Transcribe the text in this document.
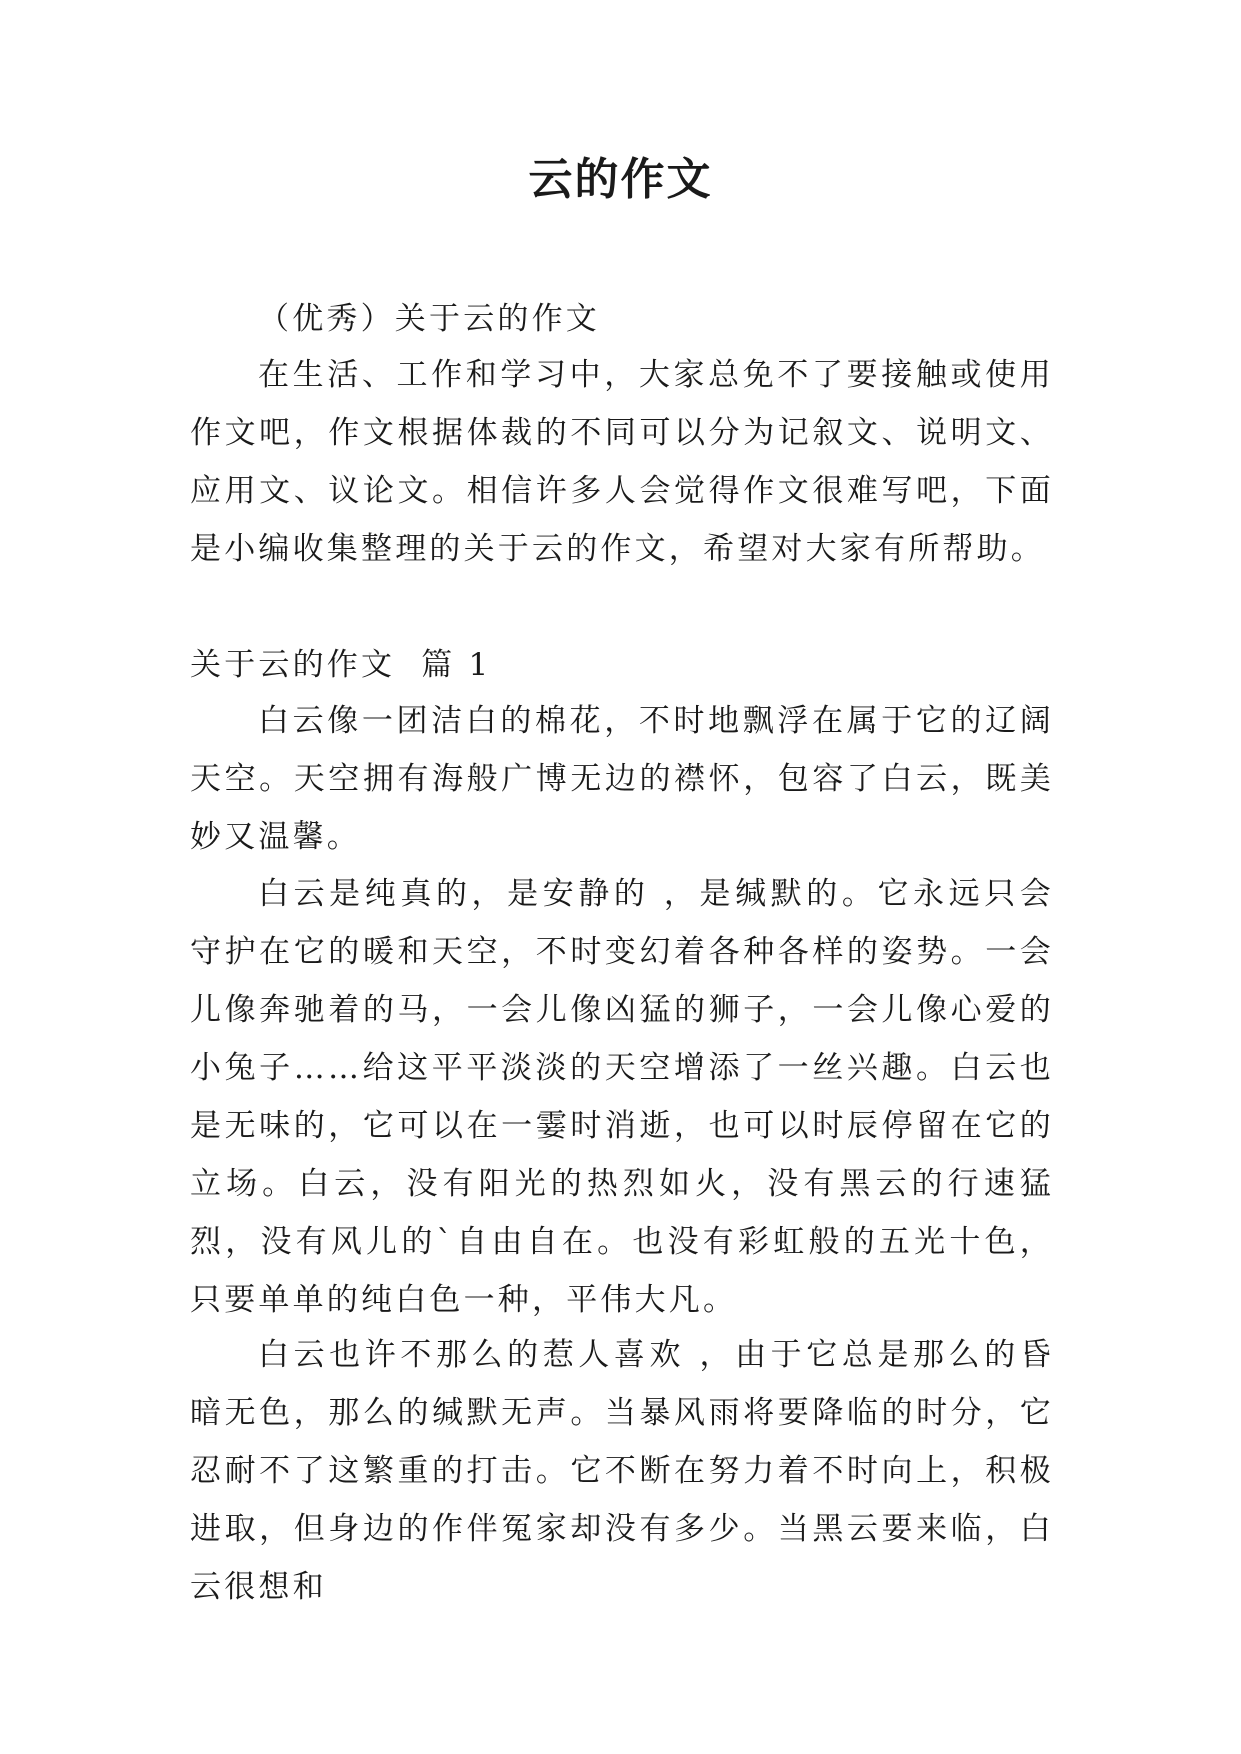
云的作文

（优秀）关于云的作文

在生活、工作和学习中，大家总免不了要接触或使用作文吧，作文根据体裁的不同可以分为记叙文、说明文、应用文、议论文。相信许多人会觉得作文很难写吧，下面是小编收集整理的关于云的作文，希望对大家有所帮助。

关于云的作文  篇 1

白云像一团洁白的棉花，不时地飘浮在属于它的辽阔天空。天空拥有海般广博无边的襟怀，包容了白云，既美妙又温馨。

白云是纯真的，是安静的 ，是缄默的。它永远只会守护在它的暖和天空，不时变幻着各种各样的姿势。一会儿像奔驰着的马，一会儿像凶猛的狮子，一会儿像心爱的小兔子……给这平平淡淡的天空增添了一丝兴趣。白云也是无味的，它可以在一霎时消逝，也可以时辰停留在它的立场。白云，没有阳光的热烈如火，没有黑云的行速猛烈，没有风儿的`自由自在。也没有彩虹般的五光十色，只要单单的纯白色一种，平伟大凡。

白云也许不那么的惹人喜欢 ，由于它总是那么的昏暗无色，那么的缄默无声。当暴风雨将要降临的时分，它忍耐不了这繁重的打击。它不断在努力着不时向上，积极进取，但身边的作伴冤家却没有多少。当黑云要来临，白云很想和
